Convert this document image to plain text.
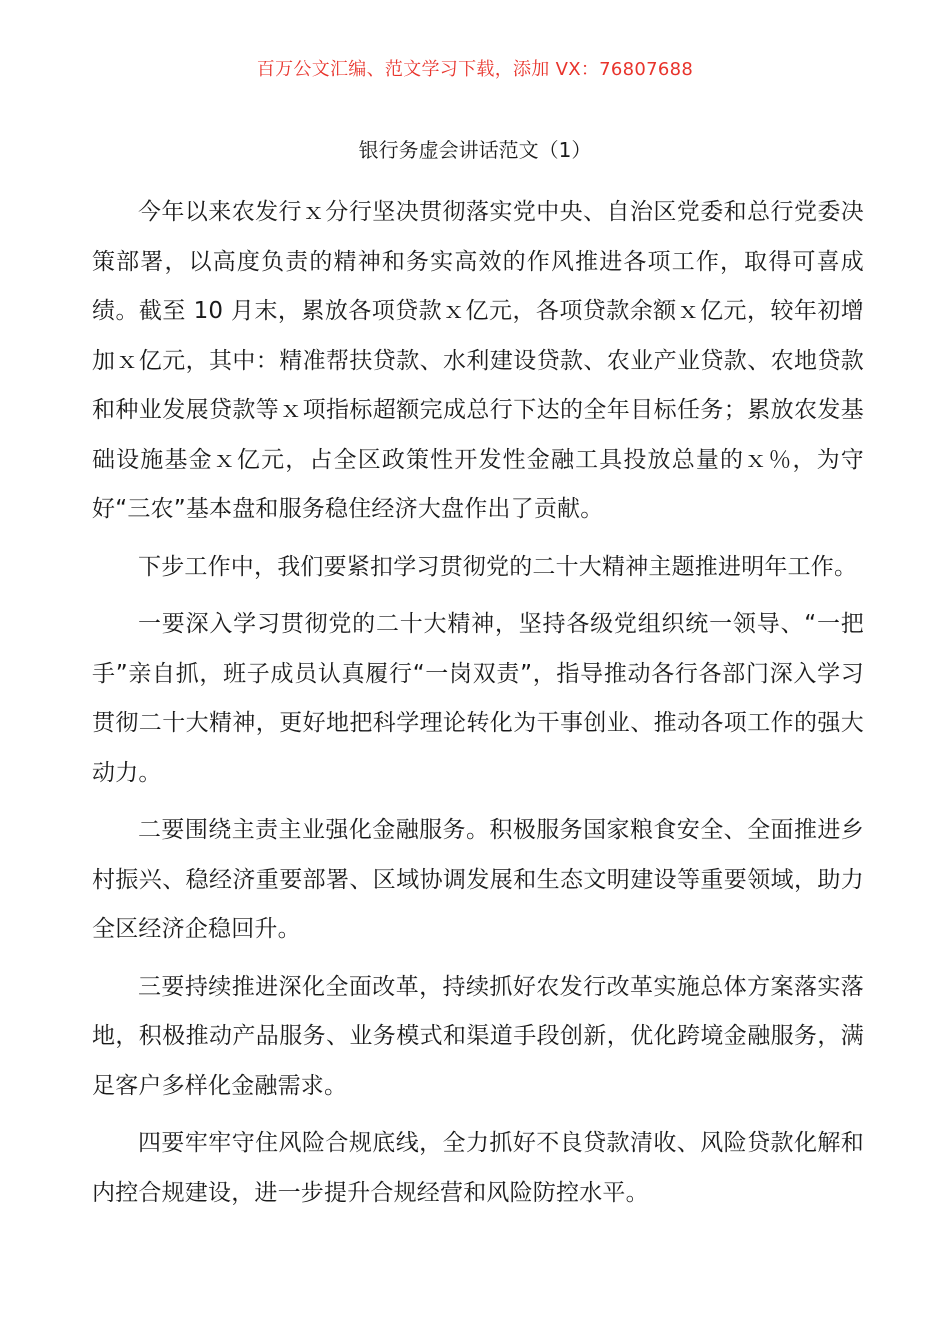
百万公文汇编、范文学习下载，添加 VX：76807688
银行务虚会讲话范文（1）

今年以来农发行ｘ分行坚决贯彻落实党中央、自治区党委和总行党委决策部署，以高度负责的精神和务实高效的作风推进各项工作，取得可喜成绩。截至 10 月末，累放各项贷款ｘ亿元，各项贷款余额ｘ亿元，较年初增加ｘ亿元，其中：精准帮扶贷款、水利建设贷款、农业产业贷款、农地贷款和种业发展贷款等ｘ项指标超额完成总行下达的全年目标任务；累放农发基础设施基金ｘ亿元，占全区政策性开发性金融工具投放总量的ｘ％，为守好“三农”基本盘和服务稳住经济大盘作出了贡献。

下步工作中，我们要紧扣学习贯彻党的二十大精神主题推进明年工作。

一要深入学习贯彻党的二十大精神，坚持各级党组织统一领导、“一把手”亲自抓，班子成员认真履行“一岗双责”，指导推动各行各部门深入学习贯彻二十大精神，更好地把科学理论转化为干事创业、推动各项工作的强大动力。

二要围绕主责主业强化金融服务。积极服务国家粮食安全、全面推进乡村振兴、稳经济重要部署、区域协调发展和生态文明建设等重要领域，助力全区经济企稳回升。

三要持续推进深化全面改革，持续抓好农发行改革实施总体方案落实落地，积极推动产品服务、业务模式和渠道手段创新，优化跨境金融服务，满足客户多样化金融需求。

四要牢牢守住风险合规底线，全力抓好不良贷款清收、风险贷款化解和内控合规建设，进一步提升合规经营和风险防控水平。
